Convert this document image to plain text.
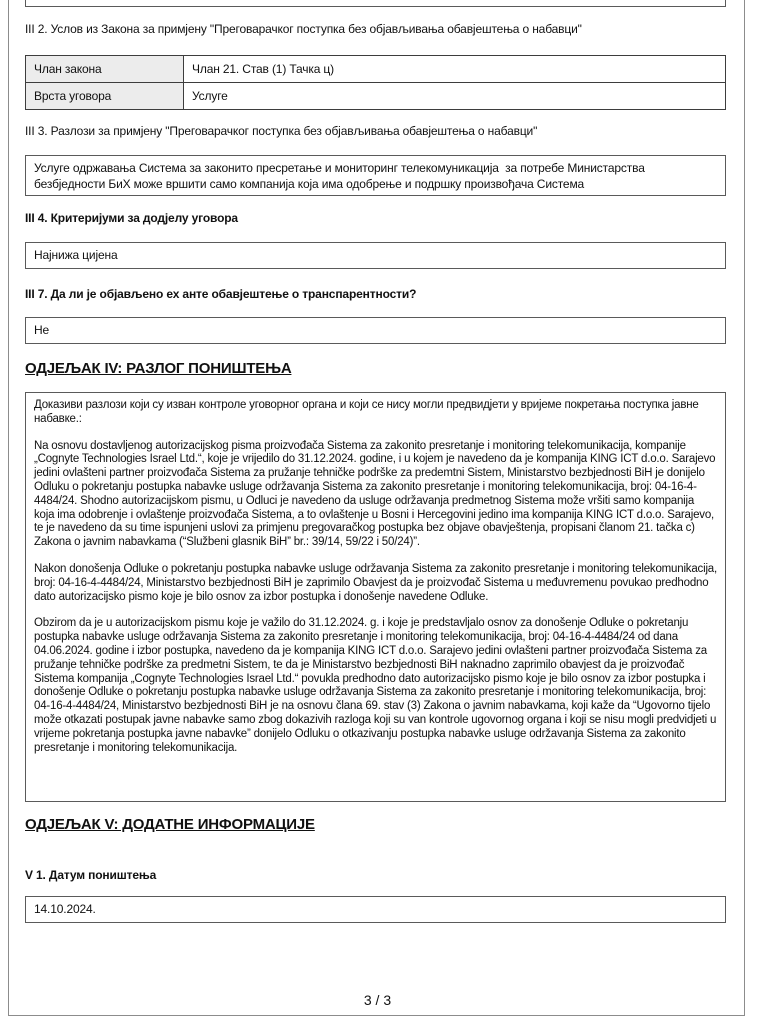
III 2. Услов из Закона за примјену "Преговарачког поступка без објављивања обавјештења о набавци"
Члан закона	Члан 21. Став (1) Тачка ц)
Врста уговора	Услуге
III 3. Разлози за примјену "Преговарачког поступка без објављивања обавјештења о набавци"
Услуге одржавања Система за законито пресретање и мониторинг телекомуникација  за потребе Министарства безбједности БиХ може вршити само компанија која има одобрење и подршку произвођача Система
III 4. Критеријуми за додјелу уговора
Најнижа цијена
III 7. Да ли је објављено ех анте обавјештење о транспарентности?
Не
ОДЈЕЉАК IV: РАЗЛОГ ПОНИШТЕЊА

Доказиви разлози који су изван контроле уговорног органа и који се нису могли предвидјети у вријеме покретања поступка јавне набавке.:

Na osnovu dostavljenog autorizacijskog pisma proizvođača Sistema za zakonito presretanje i monitoring telekomunikacija, kompanije „Cognyte Technologies Israel Ltd.“, koje je vrijedilo do 31.12.2024. godine, i u kojem je navedeno da je kompanija KING ICT d.o.o. Sarajevo jedini ovlašteni partner proizvođača Sistema za pružanje tehničke podrške za predemtni Sistem, Ministarstvo bezbjednosti BiH je donijelo Odluku o pokretanju postupka nabavke usluge održavanja Sistema za zakonito presretanje i monitoring telekomunikacija, broj: 04-16-4-4484/24. Shodno autorizacijskom pismu, u Odluci je navedeno da usluge održavanja predmetnog Sistema može vršiti samo kompanija koja ima odobrenje i ovlaštenje proizvođača Sistema, a to ovlaštenje u Bosni i Hercegovini jedino ima kompanija KING ICT d.o.o. Sarajevo, te je navedeno da su time ispunjeni uslovi za primjenu pregovaračkog postupka bez objave obavještenja, propisani članom 21. tačka c) Zakona o javnim nabavkama (“Službeni glasnik BiH” br.: 39/14, 59/22 i 50/24)”.

Nakon donošenja Odluke o pokretanju postupka nabavke usluge održavanja Sistema za zakonito presretanje i monitoring telekomunikacija, broj: 04-16-4-4484/24, Ministarstvo bezbjednosti BiH je zaprimilo Obavjest da je proizvođač Sistema u međuvremenu povukao predhodno dato autorizacijsko pismo koje je bilo osnov za izbor postupka i donošenje navedene Odluke.

Obzirom da je u autorizacijskom pismu koje je važilo do 31.12.2024. g. i koje je predstavljalo osnov za donošenje Odluke o pokretanju postupka nabavke usluge održavanja Sistema za zakonito presretanje i monitoring telekomunikacija, broj: 04-16-4-4484/24 od dana 04.06.2024. godine i izbor postupka, navedeno da je kompanija KING ICT d.o.o. Sarajevo jedini ovlašteni partner proizvođača Sistema za pružanje tehničke podrške za predmetni Sistem, te da je Ministarstvo bezbjednosti BiH naknadno zaprimilo obavjest da je proizvođač Sistema kompanija „Cognyte Technologies Israel Ltd.“ povukla predhodno dato autorizacijsko pismo koje je bilo osnov za izbor postupka i donošenje Odluke o pokretanju postupka nabavke usluge održavanja Sistema za zakonito presretanje i monitoring telekomunikacija, broj: 04-16-4-4484/24, Ministarstvo bezbjednosti BiH je na osnovu člana 69. stav (3) Zakona o javnim nabavkama, koji kaže da “Ugovorno tijelo može otkazati postupak javne nabavke samo zbog dokazivih razloga koji su van kontrole ugovornog organa i koji se nisu mogli predvidjeti u vrijeme pokretanja postupka javne nabavke” donijelo Odluku o otkazivanju postupka nabavke usluge održavanja Sistema za zakonito presretanje i monitoring telekomunikacija.

ОДЈЕЉАК V: ДОДАТНЕ ИНФОРМАЦИЈЕ
V 1. Датум поништења
14.10.2024.
3 / 3
